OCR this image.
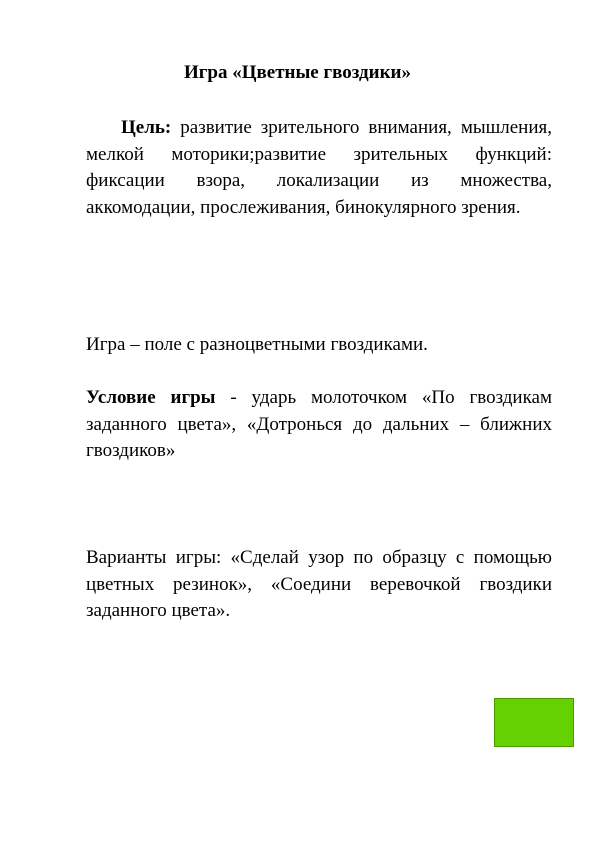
Игра «Цветные гвоздики»
Цель: развитие зрительного внимания, мышления, мелкой моторики;развитие зрительных функций: фиксации взора, локализации из множества, аккомодации, прослеживания, бинокулярного зрения.
Игра – поле с разноцветными гвоздиками.
Условие игры - ударь молоточком «По гвоздикам заданного цвета», «Дотронься до дальних – ближних гвоздиков»
Варианты игры: «Сделай узор по образцу с помощью цветных резинок», «Соедини веревочкой гвоздики заданного цвета».
